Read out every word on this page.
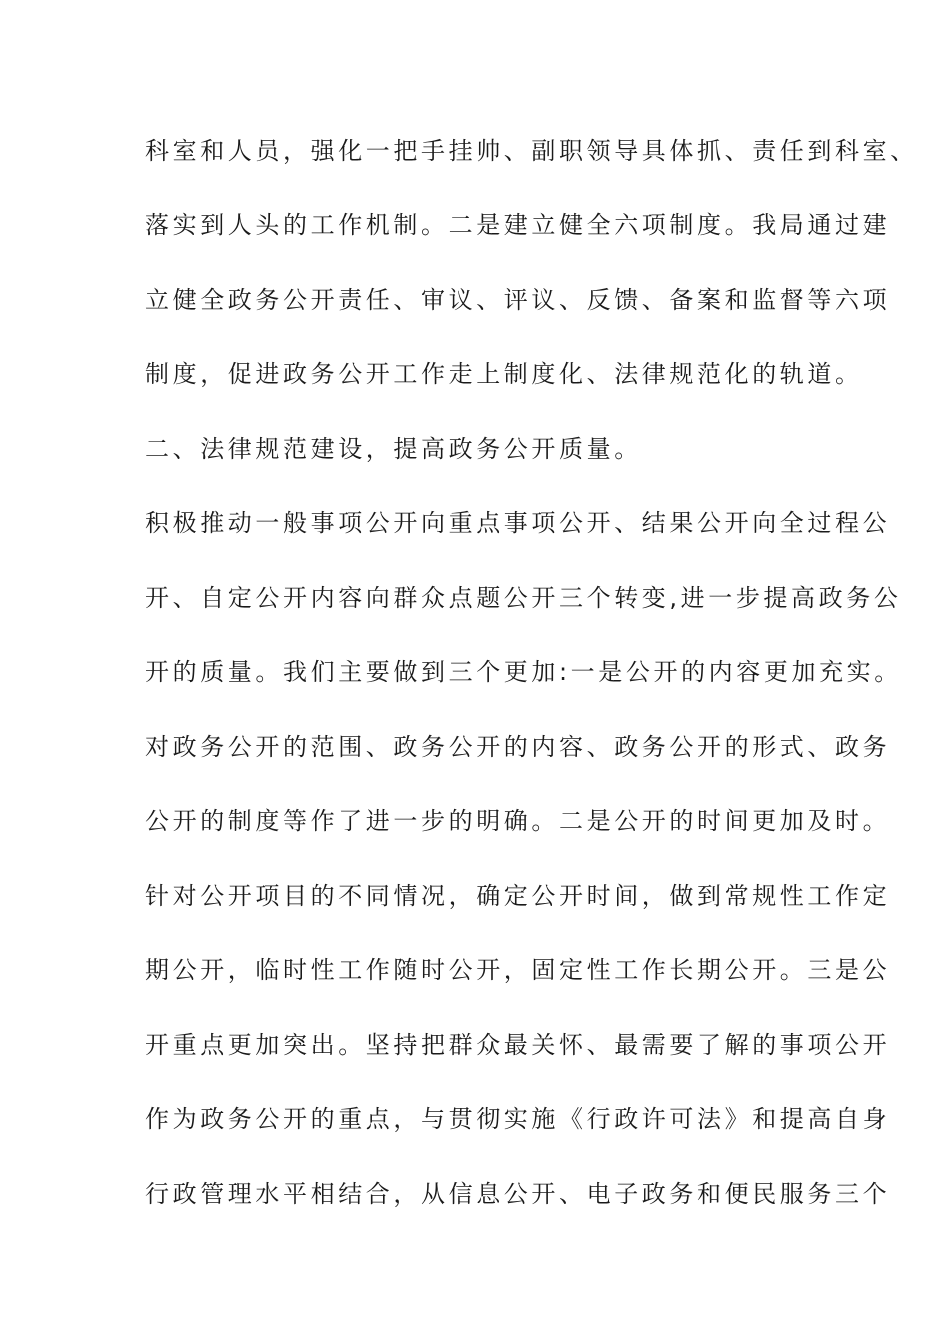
科室和人员，强化一把手挂帅、副职领导具体抓、责任到科室、
落实到人头的工作机制。二是建立健全六项制度。我局通过建
立健全政务公开责任、审议、评议、反馈、备案和监督等六项
制度，促进政务公开工作走上制度化、法律规范化的轨道。
二、法律规范建设，提高政务公开质量。
积极推动一般事项公开向重点事项公开、结果公开向全过程公
开、自定公开内容向群众点题公开三个转变,进一步提高政务公
开的质量。我们主要做到三个更加:一是公开的内容更加充实。
对政务公开的范围、政务公开的内容、政务公开的形式、政务
公开的制度等作了进一步的明确。二是公开的时间更加及时。
针对公开项目的不同情况，确定公开时间，做到常规性工作定
期公开，临时性工作随时公开，固定性工作长期公开。三是公
开重点更加突出。坚持把群众最关怀、最需要了解的事项公开
作为政务公开的重点，与贯彻实施《行政许可法》和提高自身
行政管理水平相结合，从信息公开、电子政务和便民服务三个
